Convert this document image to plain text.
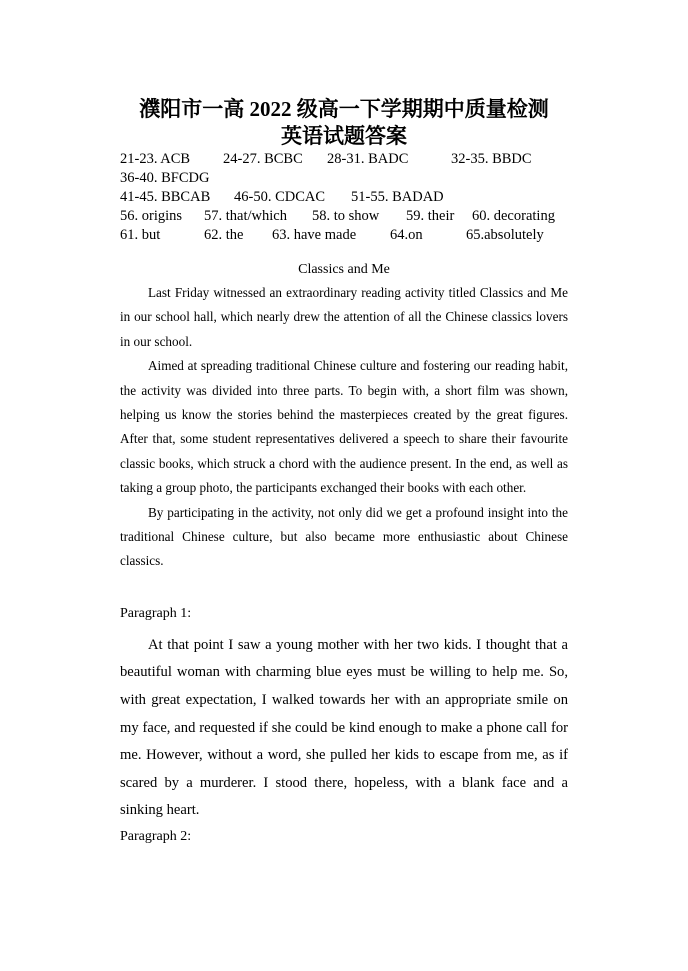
濮阳市一高 2022 级高一下学期期中质量检测
英语试题答案
21-23. ACB	24-27. BCBC	28-31. BADC	32-35. BBDC
36-40. BFCDG
41-45. BBCAB	46-50. CDCAC	51-55. BADAD
56. origins	57. that/which	58. to show	59. their	60. decorating
61. but	62. the	63. have made	64.on	65.absolutely
Classics and Me

Last Friday witnessed an extraordinary reading activity titled Classics and Me in our school hall, which nearly drew the attention of all the Chinese classics lovers in our school.

Aimed at spreading traditional Chinese culture and fostering our reading habit, the activity was divided into three parts. To begin with, a short film was shown, helping us know the stories behind the masterpieces created by the great figures. After that, some student representatives delivered a speech to share their favourite classic books, which struck a chord with the audience present. In the end, as well as taking a group photo, the participants exchanged their books with each other.

By participating in the activity, not only did we get a profound insight into the traditional Chinese culture, but also became more enthusiastic about Chinese classics.

Paragraph 1:

At that point I saw a young mother with her two kids. I thought that a beautiful woman with charming blue eyes must be willing to help me. So, with great expectation, I walked towards her with an appropriate smile on my face, and requested if she could be kind enough to make a phone call for me. However, without a word, she pulled her kids to escape from me, as if scared by a murderer. I stood there, hopeless, with a blank face and a sinking heart.

Paragraph 2:
